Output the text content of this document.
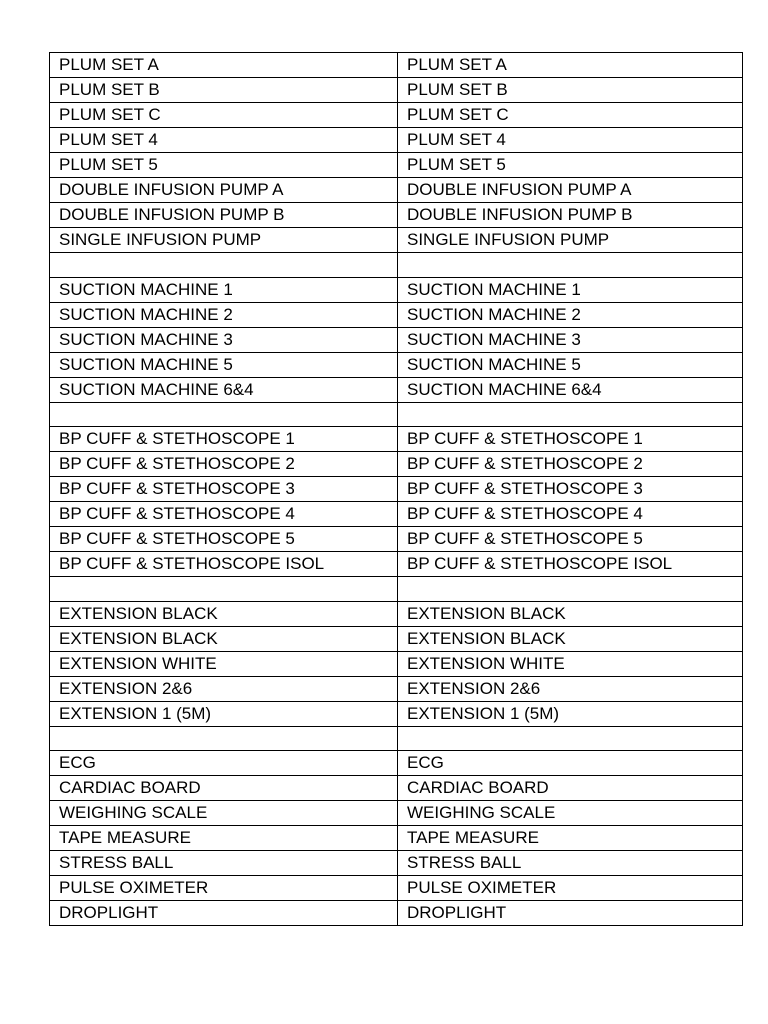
PLUM SET A	PLUM SET A
PLUM SET B	PLUM SET B
PLUM SET C	PLUM SET C
PLUM SET 4	PLUM SET 4
PLUM SET 5	PLUM SET 5
DOUBLE INFUSION PUMP A	DOUBLE INFUSION PUMP A
DOUBLE INFUSION PUMP B	DOUBLE INFUSION PUMP B
SINGLE INFUSION PUMP	SINGLE INFUSION PUMP

SUCTION MACHINE 1	SUCTION MACHINE 1
SUCTION MACHINE 2	SUCTION MACHINE 2
SUCTION MACHINE 3	SUCTION MACHINE 3
SUCTION MACHINE 5	SUCTION MACHINE 5
SUCTION MACHINE 6&4	SUCTION MACHINE 6&4

BP CUFF & STETHOSCOPE 1	BP CUFF & STETHOSCOPE 1
BP CUFF & STETHOSCOPE 2	BP CUFF & STETHOSCOPE 2
BP CUFF & STETHOSCOPE 3	BP CUFF & STETHOSCOPE 3
BP CUFF & STETHOSCOPE 4	BP CUFF & STETHOSCOPE 4
BP CUFF & STETHOSCOPE 5	BP CUFF & STETHOSCOPE 5
BP CUFF & STETHOSCOPE ISOL	BP CUFF & STETHOSCOPE ISOL

EXTENSION BLACK	EXTENSION BLACK
EXTENSION BLACK	EXTENSION BLACK
EXTENSION WHITE	EXTENSION WHITE
EXTENSION 2&6	EXTENSION 2&6
EXTENSION 1 (5M)	EXTENSION 1 (5M)

ECG	ECG
CARDIAC BOARD	CARDIAC BOARD
WEIGHING SCALE	WEIGHING SCALE
TAPE MEASURE	TAPE MEASURE
STRESS BALL	STRESS BALL
PULSE OXIMETER	PULSE OXIMETER
DROPLIGHT	DROPLIGHT
